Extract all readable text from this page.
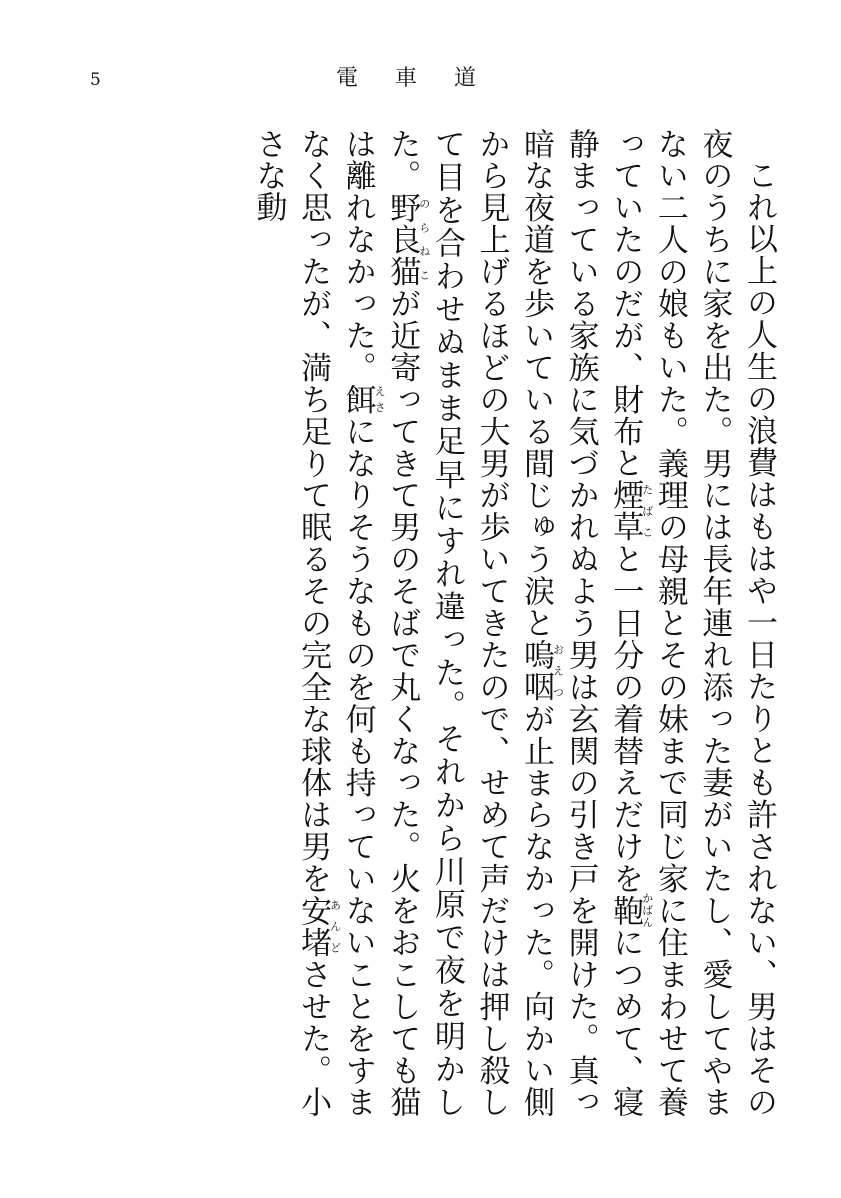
5	電車道

これ以上の人生の浪費はもはや一日たりとも許されない、男はその夜のうちに家を出た。男には長年連れ添った妻がいたし、愛してやまない二人の娘もいた。義理の母親とその妹まで同じ家に住まわせて養っていたのだが、財布と煙草たばこと一日分の着替えだけを鞄かばんにつめて、寝静まっている家族に気づかれぬよう男は玄関の引き戸を開けた。真っ暗な夜道を歩いている間じゅう涙と嗚咽おえつが止まらなかった。向かい側から見上げるほどの大男が歩いてきたので、せめて声だけは押し殺して目を合わせぬまま足早にすれ違った。それから川原で夜を明かした。野良猫のらねこが近寄ってきて男のそばで丸くなった。火をおこしても猫は離れなかった。餌えさになりそうなものを何も持っていないことをすまなく思ったが、満ち足りて眠るその完全な球体は男を安堵あんどさせた。小さな動
